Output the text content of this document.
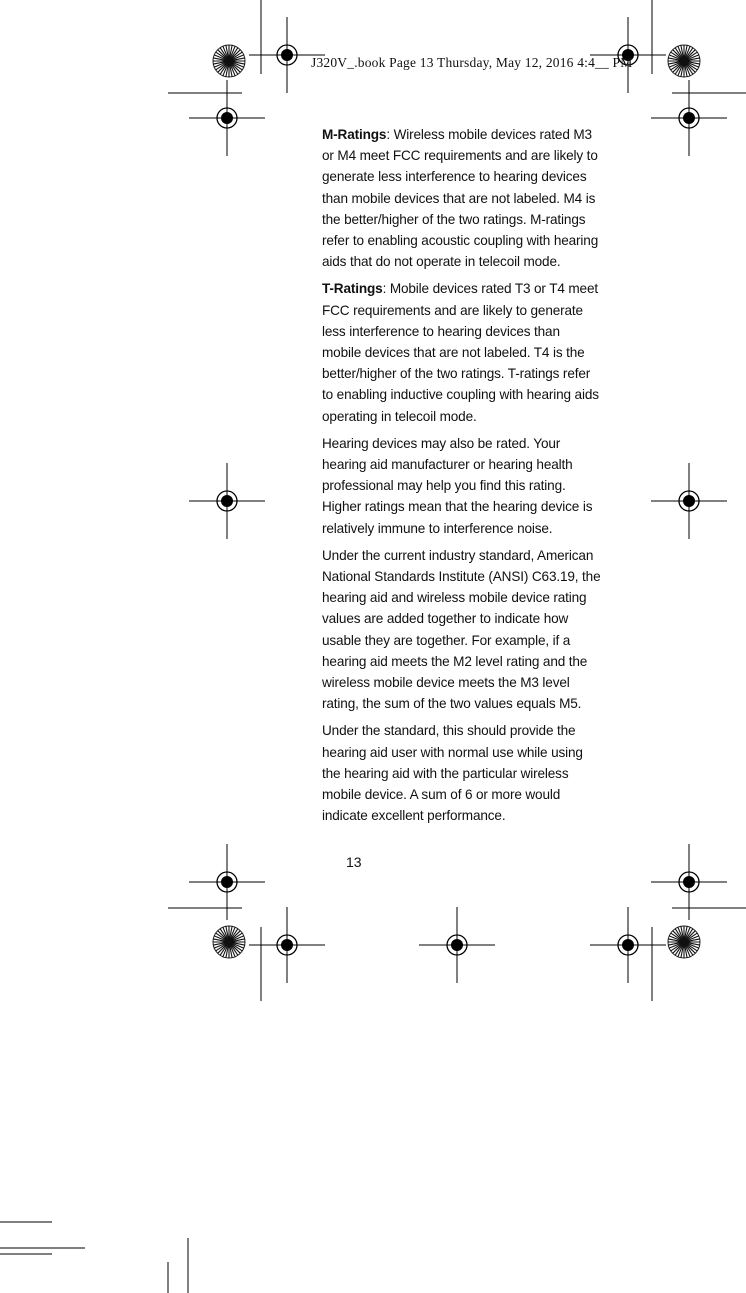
J320V_.book Page 13 Thursday, May 12, 2016 4:4__ PM

M-Ratings: Wireless mobile devices rated M3 or M4 meet FCC requirements and are likely to generate less interference to hearing devices than mobile devices that are not labeled. M4 is the better/higher of the two ratings. M-ratings refer to enabling acoustic coupling with hearing aids that do not operate in telecoil mode.

T-Ratings: Mobile devices rated T3 or T4 meet FCC requirements and are likely to generate less interference to hearing devices than mobile devices that are not labeled. T4 is the better/higher of the two ratings. T-ratings refer to enabling inductive coupling with hearing aids operating in telecoil mode.

Hearing devices may also be rated. Your hearing aid manufacturer or hearing health professional may help you find this rating. Higher ratings mean that the hearing device is relatively immune to interference noise.

Under the current industry standard, American National Standards Institute (ANSI) C63.19, the hearing aid and wireless mobile device rating values are added together to indicate how usable they are together. For example, if a hearing aid meets the M2 level rating and the wireless mobile device meets the M3 level rating, the sum of the two values equals M5.

Under the standard, this should provide the hearing aid user with normal use while using the hearing aid with the particular wireless mobile device. A sum of 6 or more would indicate excellent performance.

13
